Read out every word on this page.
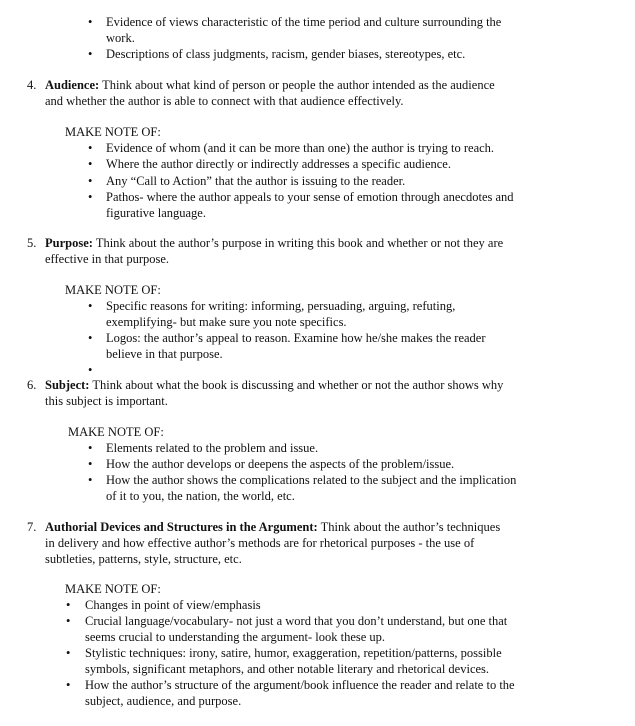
•	Evidence of views characteristic of the time period and culture surrounding the
work.
•	Descriptions of class judgments, racism, gender biases, stereotypes, etc.
4. Audience: Think about what kind of person or people the author intended as the audience
and whether the author is able to connect with that audience effectively.
MAKE NOTE OF:
•	Evidence of whom (and it can be more than one) the author is trying to reach.
•	Where the author directly or indirectly addresses a specific audience.
•	Any “Call to Action” that the author is issuing to the reader.
•	Pathos- where the author appeals to your sense of emotion through anecdotes and
figurative language.
5. Purpose: Think about the author’s purpose in writing this book and whether or not they are
effective in that purpose.
MAKE NOTE OF:
•	Specific reasons for writing: informing, persuading, arguing, refuting,
exemplifying- but make sure you note specifics.
•	Logos: the author’s appeal to reason. Examine how he/she makes the reader
believe in that purpose.
•
6. Subject: Think about what the book is discussing and whether or not the author shows why
this subject is important.
MAKE NOTE OF:
•	Elements related to the problem and issue.
•	How the author develops or deepens the aspects of the problem/issue.
•	How the author shows the complications related to the subject and the implication
of it to you, the nation, the world, etc.
7. Authorial Devices and Structures in the Argument: Think about the author’s techniques
in delivery and how effective author’s methods are for rhetorical purposes - the use of
subtleties, patterns, style, structure, etc.
MAKE NOTE OF:
•	Changes in point of view/emphasis
•	Crucial language/vocabulary- not just a word that you don’t understand, but one that
seems crucial to understanding the argument- look these up.
•	Stylistic techniques: irony, satire, humor, exaggeration, repetition/patterns, possible
symbols, significant metaphors, and other notable literary and rhetorical devices.
•	How the author’s structure of the argument/book influence the reader and relate to the
subject, audience, and purpose.
